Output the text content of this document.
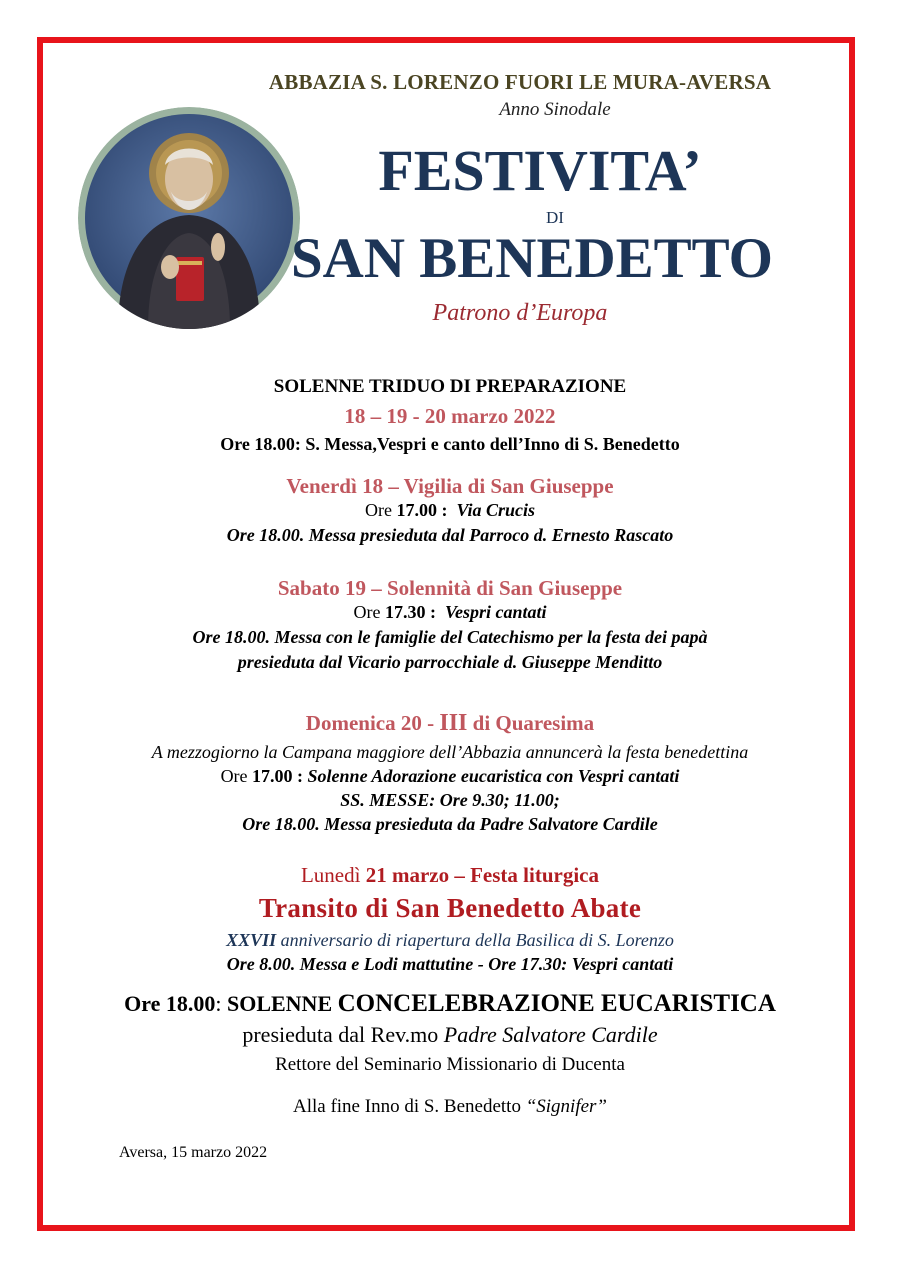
ABBAZIA S. LORENZO FUORI LE MURA-AVERSA
Anno Sinodale
FESTIVITA’
DI
SAN BENEDETTO
Patrono d’Europa
SOLENNE TRIDUO DI PREPARAZIONE
18 – 19 - 20 marzo 2022
Ore 18.00: S. Messa,Vespri e canto dell’Inno di S. Benedetto
Venerdì 18 – Vigilia di San Giuseppe
Ore 17.00 : Via Crucis
Ore 18.00. Messa presieduta dal Parroco d. Ernesto Rascato
Sabato 19 – Solennità di San Giuseppe
Ore 17.30 : Vespri cantati
Ore 18.00. Messa con le famiglie del Catechismo per la festa dei papà
presieduta dal Vicario parrocchiale d. Giuseppe Menditto
Domenica 20 - III di Quaresima
A mezzogiorno la Campana maggiore dell’Abbazia annuncerà la festa benedettina
Ore 17.00 : Solenne Adorazione eucaristica con Vespri cantati
SS. MESSE: Ore 9.30; 11.00;
Ore 18.00. Messa presieduta da Padre Salvatore Cardile
Lunedì 21 marzo – Festa liturgica
Transito di San Benedetto Abate
XXVII anniversario di riapertura della Basilica di S. Lorenzo
Ore 8.00. Messa e Lodi mattutine - Ore 17.30: Vespri cantati
Ore 18.00: SOLENNE CONCELEBRAZIONE EUCARISTICA
presieduta dal Rev.mo Padre Salvatore Cardile
Rettore del Seminario Missionario di Ducenta
Alla fine Inno di S. Benedetto “Signifer”
Aversa, 15 marzo 2022
